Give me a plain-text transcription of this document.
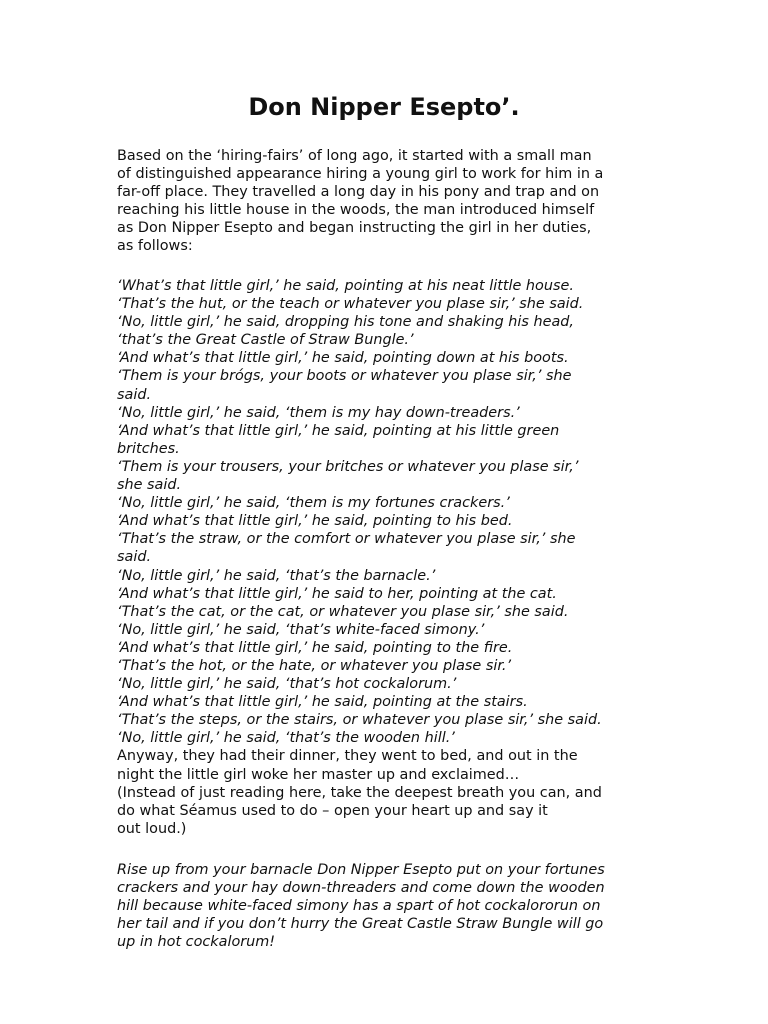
Don Nipper Esepto’.
Based on the ‘hiring-fairs’ of long ago, it started with a small man
of distinguished appearance hiring a young girl to work for him in a
far-off place. They travelled a long day in his pony and trap and on
reaching his little house in the woods, the man introduced himself
as Don Nipper Esepto and began instructing the girl in her duties,
as follows:
‘What’s that little girl,’ he said, pointing at his neat little house.
‘That’s the hut, or the teach or whatever you plase sir,’ she said.
‘No, little girl,’ he said, dropping his tone and shaking his head,
‘that’s the Great Castle of Straw Bungle.’
‘And what’s that little girl,’ he said, pointing down at his boots.
‘Them is your brógs, your boots or whatever you plase sir,’ she
said.
‘No, little girl,’ he said, ‘them is my hay down-treaders.’
‘And what’s that little girl,’ he said, pointing at his little green
britches.
‘Them is your trousers, your britches or whatever you plase sir,’
she said.
‘No, little girl,’ he said, ‘them is my fortunes crackers.’
‘And what’s that little girl,’ he said, pointing to his bed.
‘That’s the straw, or the comfort or whatever you plase sir,’ she
said.
‘No, little girl,’ he said, ‘that’s the barnacle.’
‘And what’s that little girl,’ he said to her, pointing at the cat.
‘That’s the cat, or the cat, or whatever you plase sir,’ she said.
‘No, little girl,’ he said, ‘that’s white-faced simony.’
‘And what’s that little girl,’ he said, pointing to the fire.
‘That’s the hot, or the hate, or whatever you plase sir.’
‘No, little girl,’ he said, ‘that’s hot cockalorum.’
‘And what’s that little girl,’ he said, pointing at the stairs.
‘That’s the steps, or the stairs, or whatever you plase sir,’ she said.
‘No, little girl,’ he said, ‘that’s the wooden hill.’
Anyway, they had their dinner, they went to bed, and out in the
night the little girl woke her master up and exclaimed…
(Instead of just reading here, take the deepest breath you can, and
do what Séamus used to do – open your heart up and say it
out loud.)
Rise up from your barnacle Don Nipper Esepto put on your fortunes
crackers and your hay down-threaders and come down the wooden
hill because white-faced simony has a spart of hot cockalororun on
her tail and if you don’t hurry the Great Castle Straw Bungle will go
up in hot cockalorum!
